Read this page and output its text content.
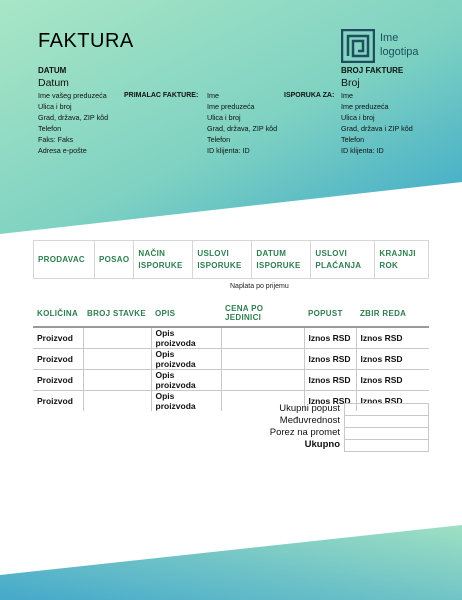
FAKTURA	Ime
logotipa
DATUM
Datum
BROJ FAKTURE
Broj
Ime vašeg preduzeća
Ulica i broj
Grad, država, ZIP kôd
Telefon
Faks: Faks
Adresa e-pošte
PRIMALAC FAKTURE: Ime
Ime preduzeća
Ulica i broj
Grad, država, ZIP kôd
Telefon
ID klijenta: ID
ISPORUKA ZA: Ime
Ime preduzeća
Ulica i broj
Grad, država i ZIP kôd
Telefon
ID klijenta: ID
PRODAVAC	POSAO	NAČIN ISPORUKE	USLOVI ISPORUKE	DATUM ISPORUKE	USLOVI PLAĆANJA	KRAJNJI ROK
Naplata po prijemu
KOLIČINA	BROJ STAVKE	OPIS	CENA PO JEDINICI	POPUST	ZBIR REDA
Proizvod		Opis proizvoda		Iznos RSD	Iznos RSD
Proizvod		Opis proizvoda		Iznos RSD	Iznos RSD
Proizvod		Opis proizvoda		Iznos RSD	Iznos RSD
Proizvod		Opis proizvoda		Iznos RSD	Iznos RSD
Ukupni popust
Međuvrednost
Porez na promet
Ukupno
